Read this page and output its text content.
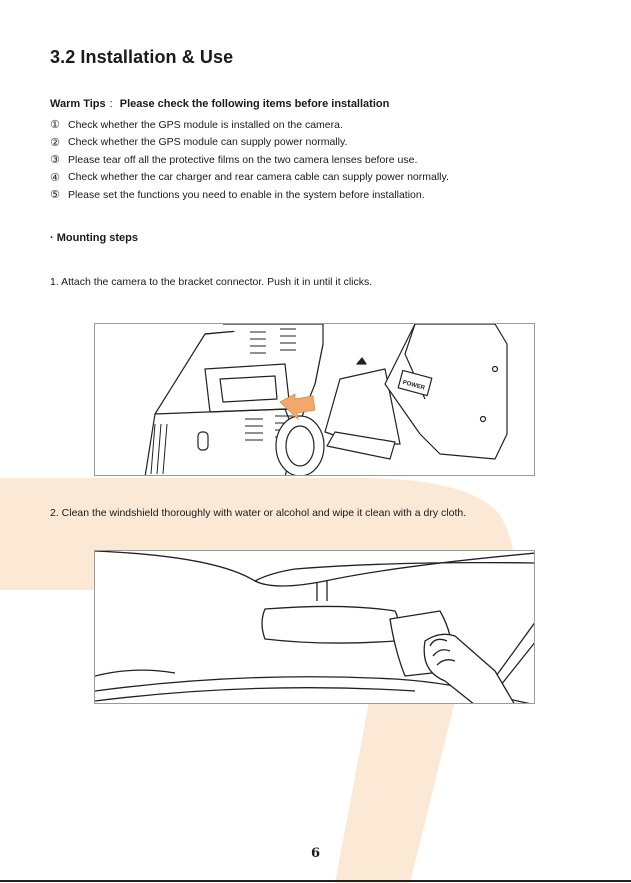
3.2 Installation & Use
Warm Tips : Please check the following items before installation
① Check whether the GPS module is installed on the camera.
② Check whether the GPS module can supply power normally.
③ Please tear off all the protective films on the two camera lenses before use.
④ Check whether the car charger and rear camera cable can supply power normally.
⑤ Please set the functions you need to enable in the system before installation.
· Mounting steps
1. Attach the camera to the bracket connector. Push it in until it clicks.
POWER
2. Clean the windshield thoroughly with water or alcohol and wipe it clean with a dry cloth.
6
